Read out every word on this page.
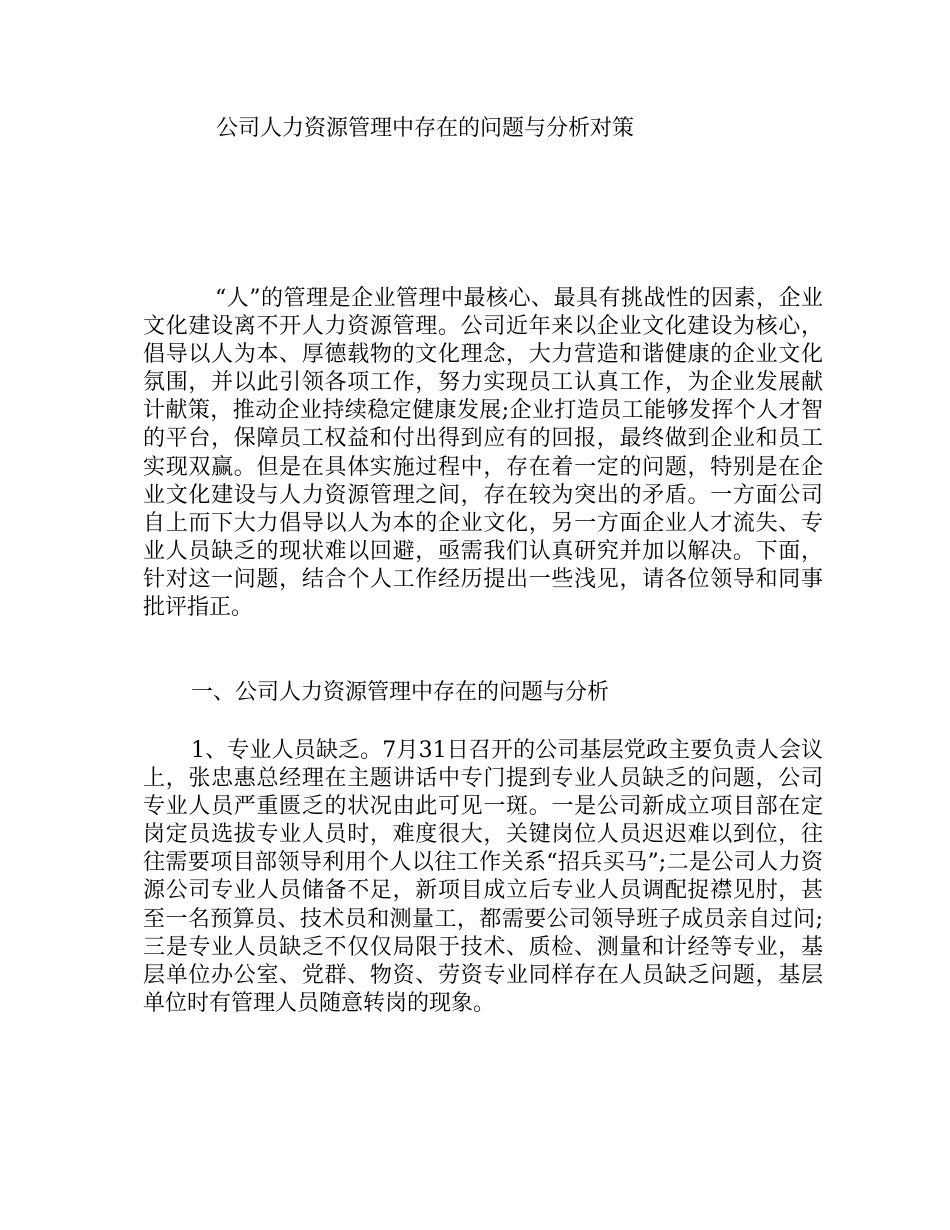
公司人力资源管理中存在的问题与分析对策

“人”的管理是企业管理中最核心、最具有挑战性的因素，企业文化建设离不开人力资源管理。公司近年来以企业文化建设为核心，倡导以人为本、厚德载物的文化理念，大力营造和谐健康的企业文化氛围，并以此引领各项工作，努力实现员工认真工作，为企业发展献计献策，推动企业持续稳定健康发展;企业打造员工能够发挥个人才智的平台，保障员工权益和付出得到应有的回报，最终做到企业和员工实现双赢。但是在具体实施过程中，存在着一定的问题，特别是在企业文化建设与人力资源管理之间，存在较为突出的矛盾。一方面公司自上而下大力倡导以人为本的企业文化，另一方面企业人才流失、专业人员缺乏的现状难以回避，亟需我们认真研究并加以解决。下面，针对这一问题，结合个人工作经历提出一些浅见，请各位领导和同事批评指正。

一、公司人力资源管理中存在的问题与分析

1、专业人员缺乏。7月31日召开的公司基层党政主要负责人会议上，张忠惠总经理在主题讲话中专门提到专业人员缺乏的问题，公司专业人员严重匮乏的状况由此可见一斑。一是公司新成立项目部在定岗定员选拔专业人员时，难度很大，关键岗位人员迟迟难以到位，往往需要项目部领导利用个人以往工作关系“招兵买马”;二是公司人力资源公司专业人员储备不足，新项目成立后专业人员调配捉襟见肘，甚至一名预算员、技术员和测量工，都需要公司领导班子成员亲自过问;三是专业人员缺乏不仅仅局限于技术、质检、测量和计经等专业，基层单位办公室、党群、物资、劳资专业同样存在人员缺乏问题，基层单位时有管理人员随意转岗的现象。
